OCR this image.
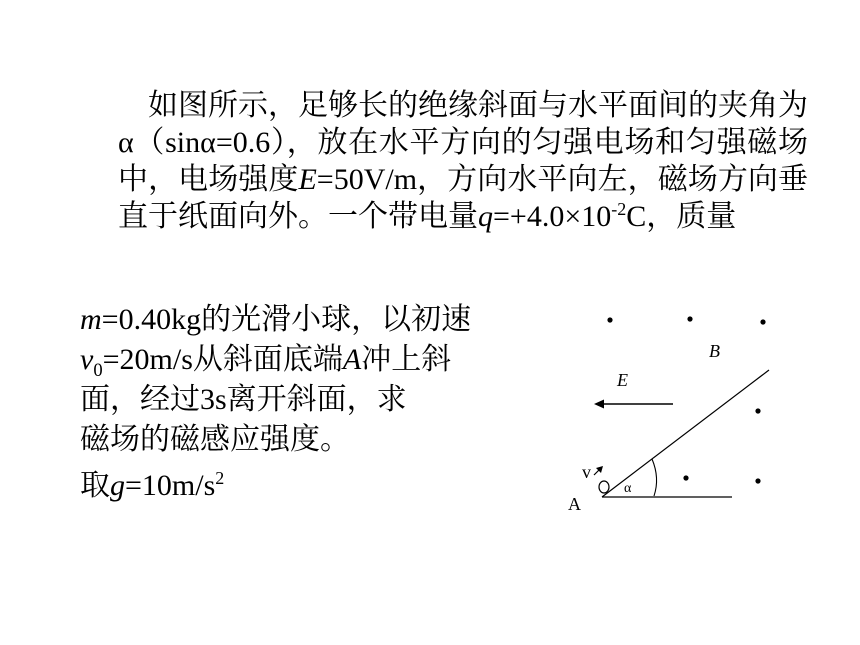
如图所示，足够长的绝缘斜面与水平面间的夹角为α（sinα=0.6），放在水平方向的匀强电场和匀强磁场中，电场强度E=50V/m，方向水平向左，磁场方向垂直于纸面向外。一个带电量$q=+4.0\times 10^{-2}C$，质量
m=0.40kg的光滑小球，以初速
$v_0=20m/s$从斜面底端A冲上斜
面，经过3s离开斜面，求
磁场的磁感应强度。
取$g=10m/s^2$
B
E
α
v
A
